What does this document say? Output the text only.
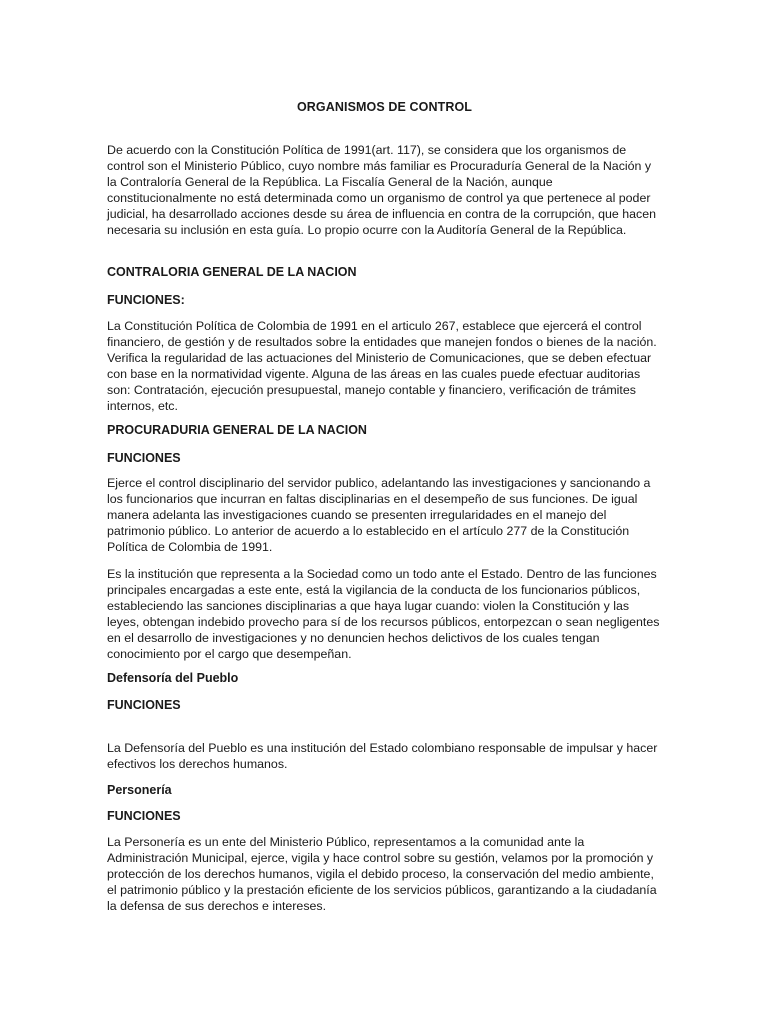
ORGANISMOS DE CONTROL

De acuerdo con la Constitución Política de 1991(art. 117), se considera que los organismos de control son el Ministerio Público, cuyo nombre más familiar es Procuraduría General de la Nación y la Contraloría General de la República. La Fiscalía General de la Nación, aunque constitucionalmente no está determinada como un organismo de control ya que pertenece al poder judicial, ha desarrollado acciones desde su área de influencia en contra de la corrupción, que hacen necesaria su inclusión en esta guía. Lo propio ocurre con la Auditoría General de la República.

CONTRALORIA GENERAL DE LA NACION
FUNCIONES:

La Constitución Política de Colombia de 1991 en el articulo 267, establece que ejercerá el control financiero, de gestión y de resultados sobre la entidades que manejen fondos o bienes de la nación. Verifica la regularidad de las actuaciones del Ministerio de Comunicaciones, que se deben efectuar con base en la normatividad vigente. Alguna de las áreas en las cuales puede efectuar auditorias son: Contratación, ejecución presupuestal, manejo contable y financiero, verificación de trámites internos, etc.

PROCURADURIA GENERAL DE LA NACION
FUNCIONES

Ejerce el control disciplinario del servidor publico, adelantando las investigaciones y sancionando a los funcionarios que incurran en faltas disciplinarias en el desempeño de sus funciones. De igual manera adelanta las investigaciones cuando se presenten irregularidades en el manejo del patrimonio público. Lo anterior de acuerdo a lo establecido en el artículo 277 de la Constitución Política de Colombia de 1991.

Es la institución que representa a la Sociedad como un todo ante el Estado. Dentro de las funciones principales encargadas a este ente, está la vigilancia de la conducta de los funcionarios públicos, estableciendo las sanciones disciplinarias a que haya lugar cuando: violen la Constitución y las leyes, obtengan indebido provecho para sí de los recursos públicos, entorpezcan o sean negligentes en el desarrollo de investigaciones y no denuncien hechos delictivos de los cuales tengan conocimiento por el cargo que desempeñan.

Defensoría del Pueblo
FUNCIONES

La Defensoría del Pueblo es una institución del Estado colombiano responsable de impulsar y hacer efectivos los derechos humanos.

Personería
FUNCIONES

La Personería es un ente del Ministerio Público, representamos a la comunidad ante la Administración Municipal, ejerce, vigila y hace control sobre su gestión, velamos por la promoción y protección de los derechos humanos, vigila el debido proceso, la conservación del medio ambiente, el patrimonio público y la prestación eficiente de los servicios públicos, garantizando a la ciudadanía la defensa de sus derechos e intereses.
